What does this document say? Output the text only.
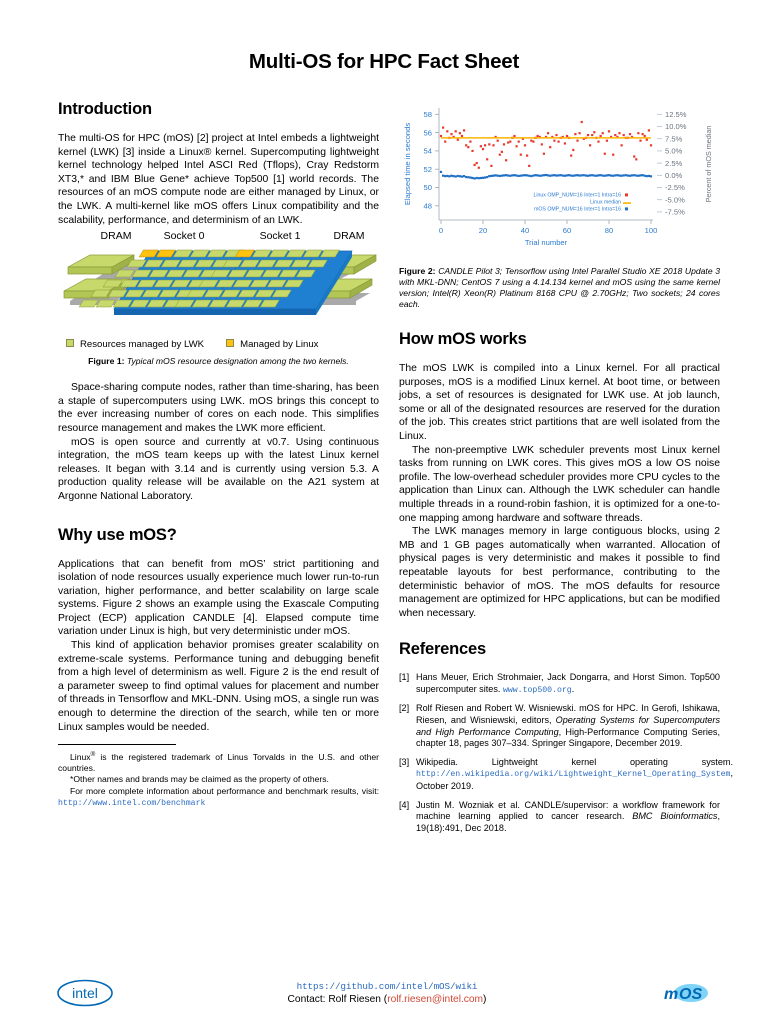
Multi-OS for HPC Fact Sheet
Introduction

The multi-OS for HPC (mOS) [2] project at Intel embeds a lightweight kernel (LWK) [3] inside a Linux® kernel. Supercomputing lightweight kernel technology helped Intel ASCI Red (Tflops), Cray Redstorm XT3,* and IBM Blue Gene* achieve Top500 [1] world records. The resources of an mOS compute node are either managed by Linux, or the LWK. A multi-kernel like mOS offers Linux compatibility and the scalability, performance, and determinism of an LWK.

DRAM	Socket 0	Socket 1	DRAM
Resources managed by LWK	Managed by Linux
Figure 1: Typical mOS resource designation among the two kernels.

Space-sharing compute nodes, rather than time-sharing, has been a staple of supercomputers using LWK. mOS brings this concept to the ever increasing number of cores on each node. This simplifies resource management and makes the LWK more efficient.

mOS is open source and currently at v0.7. Using continuous integration, the mOS team keeps up with the latest Linux kernel releases. It began with 3.14 and is currently using version 5.3. A production quality release will be available on the A21 system at Argonne National Laboratory.

Why use mOS?

Applications that can benefit from mOS’ strict partitioning and isolation of node resources usually experience much lower run-to-run variation, higher performance, and better scalability on large scale systems. Figure 2 shows an example using the Exascale Computing Project (ECP) application CANDLE [4]. Elapsed compute time variation under Linux is high, but very deterministic under mOS.

This kind of application behavior promises greater scalability on extreme-scale systems. Performance tuning and debugging benefit from a high level of determinism as well. Figure 2 is the end result of a parameter sweep to find optimal values for placement and number of threads in Tensorflow and MKL-DNN. Using mOS, a single run was enough to determine the direction of the search, while ten or more Linux samples would be needed.

Linux® is the registered trademark of Linus Torvalds in the U.S. and other countries.

*Other names and brands may be claimed as the property of others.

For more complete information about performance and benchmark results, visit: http://www.intel.com/benchmark

58
56
54
52
50
48
Elapsed time in seconds
0	20	40	60	80	100
Trial number
12.5%
10.0%
7.5%
5.0%
2.5%
0.0%
-2.5%
-5.0%
-7.5%
Percent of mOS median
Linux OMP_NUM=16 Inter=1 Intra=16
Linux median
mOS OMP_NUM=16 Inter=1 Intra=16
Figure 2: CANDLE Pilot 3; Tensorflow using Intel Parallel Studio XE 2018 Update 3 with MKL-DNN; CentOS 7 using a 4.14.134 kernel and mOS using the same kernel version; Intel(R) Xeon(R) Platinum 8168 CPU @ 2.70GHz; Two sockets; 24 cores each.
How mOS works

The mOS LWK is compiled into a Linux kernel. For all practical purposes, mOS is a modified Linux kernel. At boot time, or between jobs, a set of resources is designated for LWK use. At job launch, some or all of the designated resources are reserved for the duration of the job. This creates strict partitions that are well isolated from the Linux.

The non-preemptive LWK scheduler prevents most Linux kernel tasks from running on LWK cores. This gives mOS a low OS noise profile. The low-overhead scheduler provides more CPU cycles to the application than Linux can. Although the LWK scheduler can handle multiple threads in a round-robin fashion, it is optimized for a one-to-one mapping among hardware and software threads.

The LWK manages memory in large contiguous blocks, using 2 MB and 1 GB pages automatically when warranted. Allocation of physical pages is very deterministic and makes it possible to find repeatable layouts for best performance, contributing to the deterministic behavior of mOS. The mOS defaults for resource management are optimized for HPC applications, but can be modified when necessary.

References
[1] Hans Meuer, Erich Strohmaier, Jack Dongarra, and Horst Simon. Top500 supercomputer sites. www.top500.org.
[2] Rolf Riesen and Robert W. Wisniewski. mOS for HPC. In Gerofi, Ishikawa, Riesen, and Wisniewski, editors, Operating Systems for Supercomputers and High Performance Computing, High-Performance Computing Series, chapter 18, pages 307–334. Springer Singapore, December 2019.
[3] Wikipedia. Lightweight kernel operating system. http://en.wikipedia.org/wiki/Lightweight_Kernel_Operating_System, October 2019.
[4] Justin M. Wozniak et al. CANDLE/supervisor: a workflow framework for machine learning applied to cancer research. BMC Bioinformatics, 19(18):491, Dec 2018.
intel	https://github.com/intel/mOS/wiki
Contact: Rolf Riesen (rolf.riesen@intel.com)	m OS
